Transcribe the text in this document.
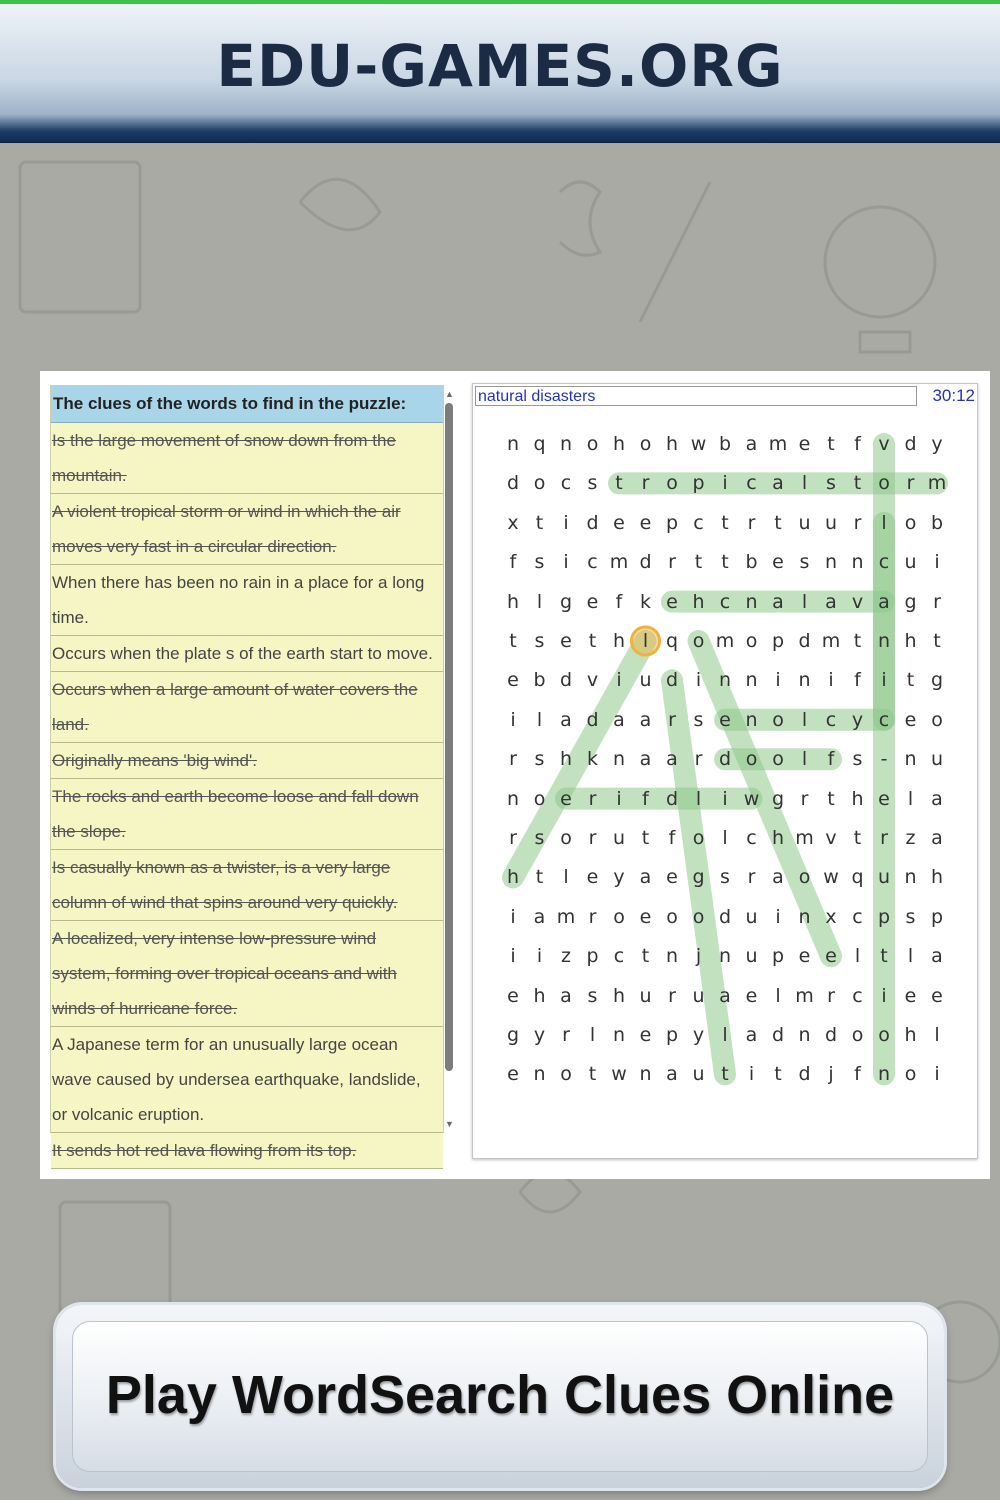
EDU-GAMES.ORG
The clues of the words to find in the puzzle:
Is the large movement of snow down from the mountain.
A violent tropical storm or wind in which the air moves very fast in a circular direction.
When there has been no rain in a place for a long time.
Occurs when the plate s of the earth start to move.
Occurs when a large amount of water covers the land.
Originally means 'big wind'.
The rocks and earth become loose and fall down the slope.
Is casually known as a twister, is a very large column of wind that spins around very quickly.
A localized, very intense low-pressure wind system, forming over tropical oceans and with winds of hurricane force.
A Japanese term for an unusually large ocean wave caused by undersea earthquake, landslide, or volcanic eruption.
It sends hot red lava flowing from its top.
▲
▼
natural disasters	30:12
n q n o h o h w b a m e t	f v d y
d o c s t r o p i c a l s t o r m
x t	i d e e p c t r t u u r	l o b
f s i c m d r t	t b e s n n c u i
h l g e f k e h c n a l a v a g r
t s e t h l q o m o p d m t n h t
e b d v i u d i n n i n i	f	i	t g
i	l a d a a r s e n o l c y c e o
r s h k n a a r d o o l	f s - n u
n o e r	i	f d l	i w g r t h e l a
r s o r u t	f o l c h m v t r z a
h t	l e y a e g s r a o w q u n h
i a m r o e o o d u i n x c p s p
i	i z p c t n j n u p e e l	t	l a
e h a s h u r u a e l m r c i e e
g y r	l n e p y l a d n d o o h l
e n o t w n a u t	i	t d j	f n o i
Play WordSearch Clues Online
